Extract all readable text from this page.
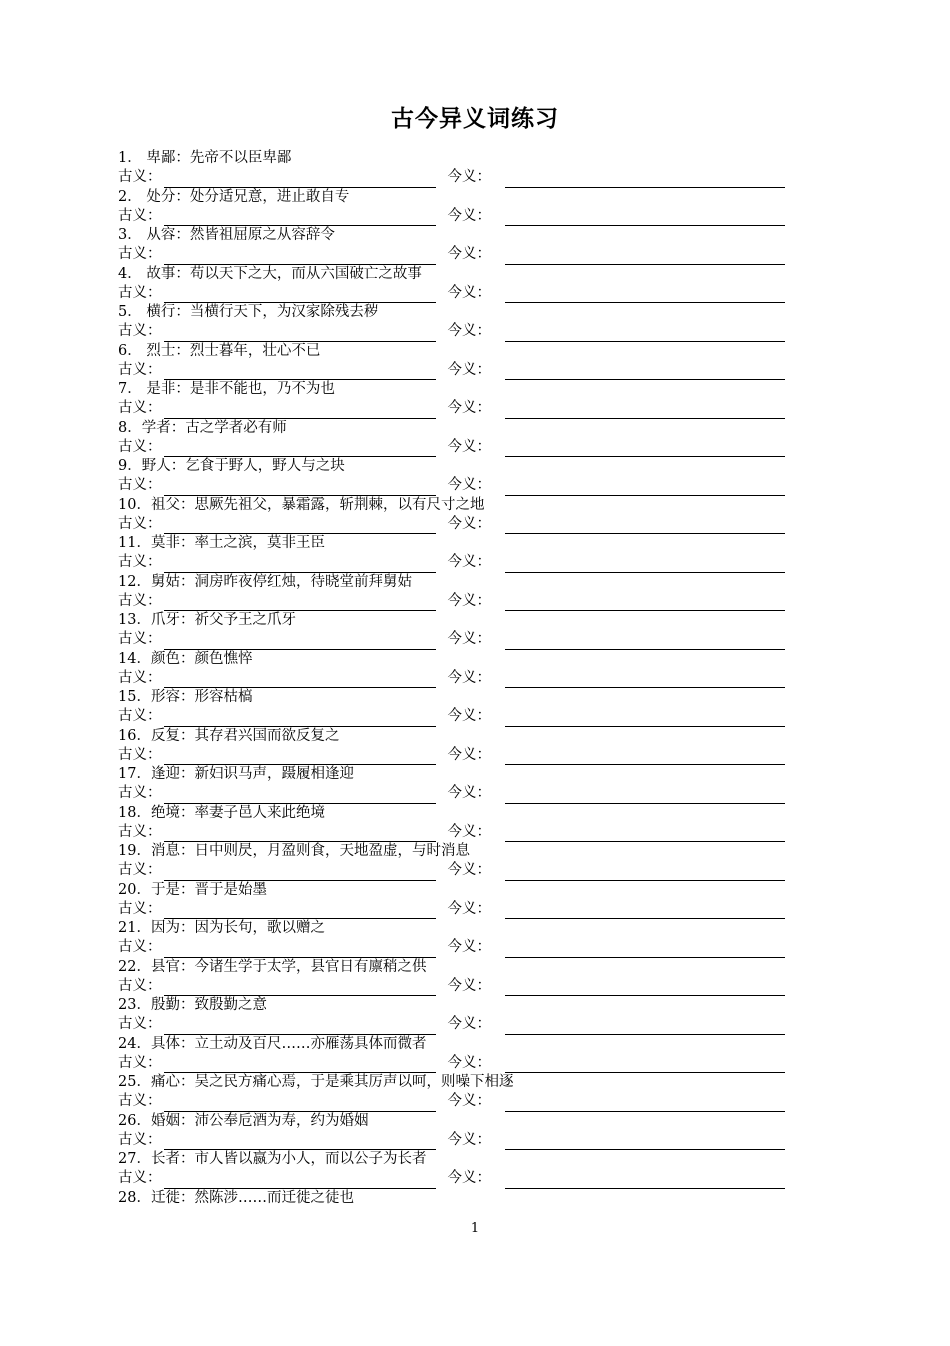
古今异义词练习
1． 卑鄙：先帝不以臣卑鄙
古义：	今义：
2． 处分：处分适兄意，进止敢自专
古义：	今义：
3． 从容：然皆祖屈原之从容辞令
古义：	今义：
4． 故事：苟以天下之大，而从六国破亡之故事
古义：	今义：
5． 横行：当横行天下，为汉家除残去秽
古义：	今义：
6． 烈士：烈士暮年，壮心不已
古义：	今义：
7． 是非：是非不能也，乃不为也
古义：	今义：
8．学者：古之学者必有师
古义：	今义：
9．野人：乞食于野人，野人与之块
古义：	今义：
10．祖父：思厥先祖父，暴霜露，斩荆棘，以有尺寸之地
古义：	今义：
11．莫非：率土之滨，莫非王臣
古义：	今义：
12．舅姑：洞房昨夜停红烛，待晓堂前拜舅姑
古义：	今义：
13．爪牙：祈父予王之爪牙
古义：	今义：
14．颜色：颜色憔悴
古义：	今义：
15．形容：形容枯槁
古义：	今义：
16．反复：其存君兴国而欲反复之
古义：	今义：
17．逢迎：新妇识马声，蹑履相逢迎
古义：	今义：
18．绝境：率妻子邑人来此绝境
古义：	今义：
19．消息：日中则昃，月盈则食，天地盈虚，与时消息
古义：	今义：
20．于是：晋于是始墨
古义：	今义：
21．因为：因为长句，歌以赠之
古义：	今义：
22．县官：今诸生学于太学，县官日有廪稍之供
古义：	今义：
23．殷勤：致殷勤之意
古义：	今义：
24．具体：立土动及百尺……亦雁荡具体而微者
古义：	今义：
25．痛心：吴之民方痛心焉，于是乘其厉声以呵，则噪下相逐
古义：	今义：
26．婚姻：沛公奉卮酒为寿，约为婚姻
古义：	今义：
27．长者：市人皆以嬴为小人，而以公子为长者
古义：	今义：
28．迁徙：然陈涉……而迁徙之徒也
1
